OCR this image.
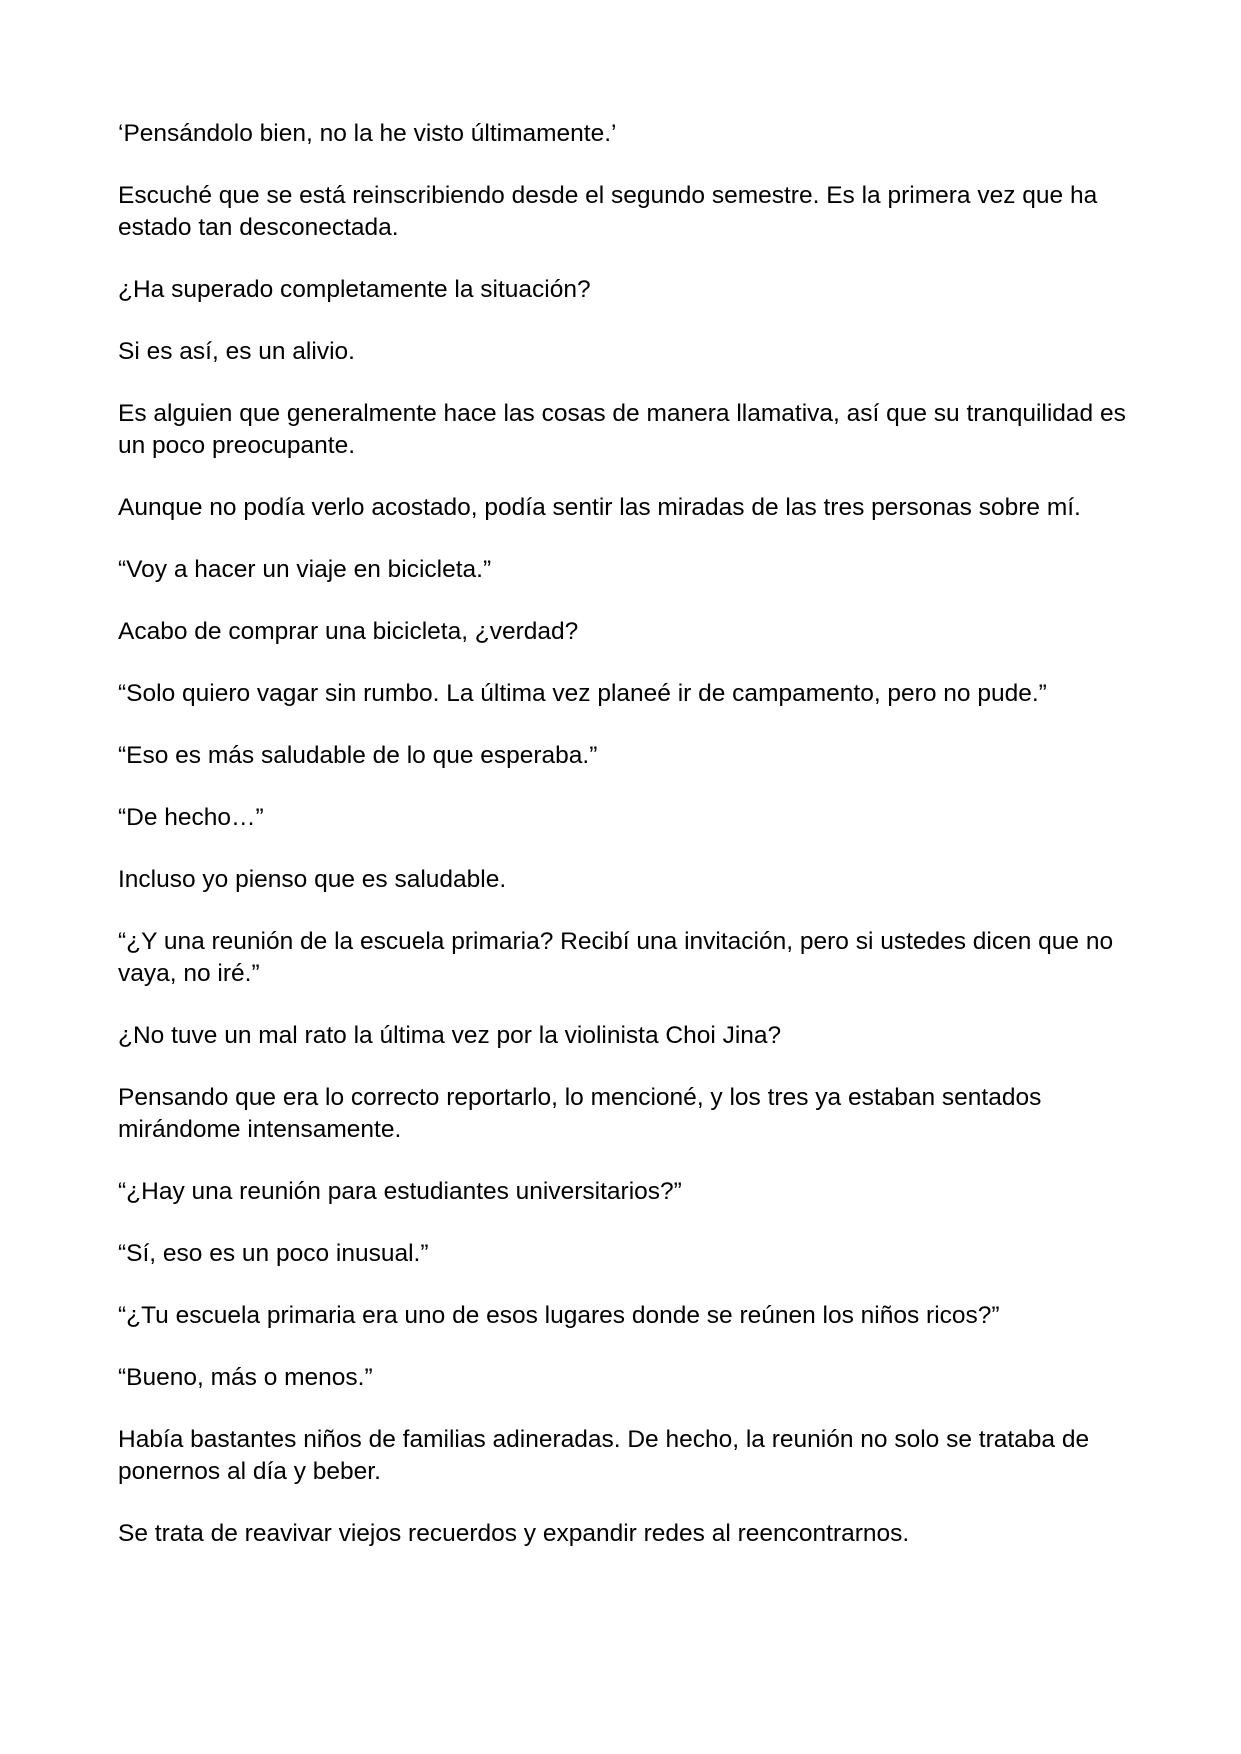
‘Pensándolo bien, no la he visto últimamente.’

Escuché que se está reinscribiendo desde el segundo semestre. Es la primera vez que ha estado tan desconectada.

¿Ha superado completamente la situación?

Si es así, es un alivio.

Es alguien que generalmente hace las cosas de manera llamativa, así que su tranquilidad es un poco preocupante.

Aunque no podía verlo acostado, podía sentir las miradas de las tres personas sobre mí.

“Voy a hacer un viaje en bicicleta.”

Acabo de comprar una bicicleta, ¿verdad?

“Solo quiero vagar sin rumbo. La última vez planeé ir de campamento, pero no pude.”

“Eso es más saludable de lo que esperaba.”

“De hecho…”

Incluso yo pienso que es saludable.

“¿Y una reunión de la escuela primaria? Recibí una invitación, pero si ustedes dicen que no vaya, no iré.”

¿No tuve un mal rato la última vez por la violinista Choi Jina?

Pensando que era lo correcto reportarlo, lo mencioné, y los tres ya estaban sentados mirándome intensamente.

“¿Hay una reunión para estudiantes universitarios?”

“Sí, eso es un poco inusual.”

“¿Tu escuela primaria era uno de esos lugares donde se reúnen los niños ricos?”

“Bueno, más o menos.”

Había bastantes niños de familias adineradas. De hecho, la reunión no solo se trataba de ponernos al día y beber.

Se trata de reavivar viejos recuerdos y expandir redes al reencontrarnos.
